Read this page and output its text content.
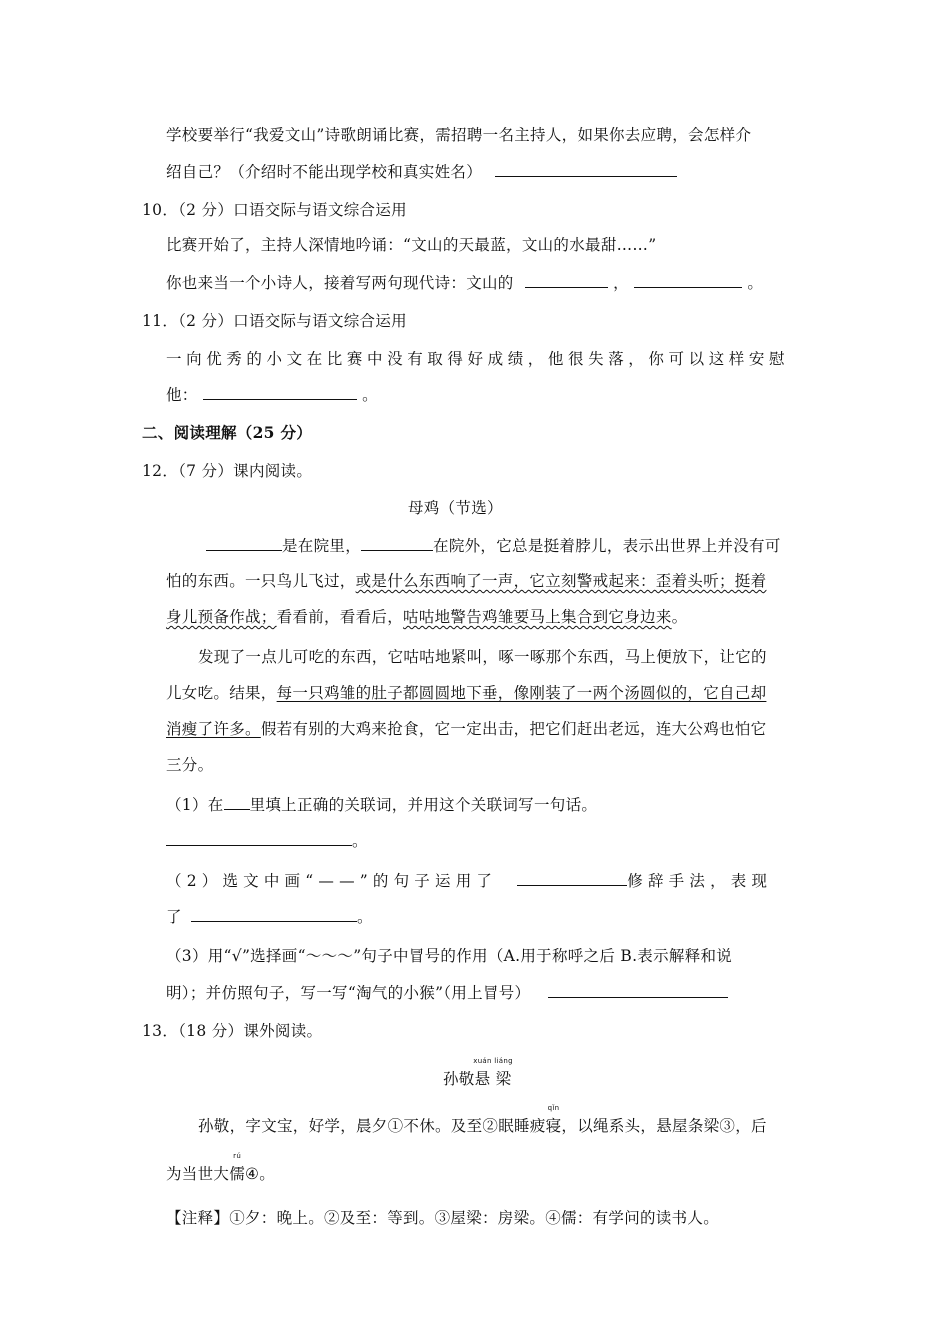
学校要举行“我爱文山”诗歌朗诵比赛，需招聘一名主持人，如果你去应聘，会怎样介
绍自己？（介绍时不能出现学校和真实姓名）
10．（2 分）口语交际与语文综合运用
比赛开始了，主持人深情地吟诵：“文山的天最蓝，文山的水最甜……”
你也来当一个小诗人，接着写两句现代诗：文山的	，	。
11．（2 分）口语交际与语文综合运用
一向优秀的小文在比赛中没有取得好成绩，他很失落，你可以这样安慰
他：	。
二、阅读理解（25 分）
12．（7 分）课内阅读。
母鸡（节选）
是在院里，	在院外，它总是挺着脖儿，表示出世界上并没有可
怕的东西。一只鸟儿飞过，或是什么东西响了一声，它立刻警戒起来：歪着头听；挺着
身儿预备作战；看看前，看看后，咕咕地警告鸡雏要马上集合到它身边来。
发现了一点儿可吃的东西，它咕咕地紧叫，啄一啄那个东西，马上便放下，让它的
儿女吃。结果，每一只鸡雏的肚子都圆圆地下垂，像刚装了一两个汤圆似的，它自己却
消瘦了许多。假若有别的大鸡来抢食，它一定出击，把它们赶出老远，连大公鸡也怕它
三分。
（1）在 里填上正确的关联词，并用这个关联词写一句话。
。
（2）选文中画“——”的句子运用了	修辞手法，表现
了	。
（3）用“√”选择画“～～～”句子中冒号的作用（A.用于称呼之后 B.表示解释和说
明）；并仿照句子，写一写“淘气的小猴”（用上冒号）
13．（18 分）课外阅读。
孙敬
xuán
悬
liáng
梁
孙敬，字文宝，好学，晨夕①不休。及至②眠睡疲
qǐn
寝，以绳系头，悬屋条梁③，后
为当世大
rú
儒④。
【注释】①夕：晚上。②及至：等到。③屋梁：房梁。④儒：有学问的读书人。
